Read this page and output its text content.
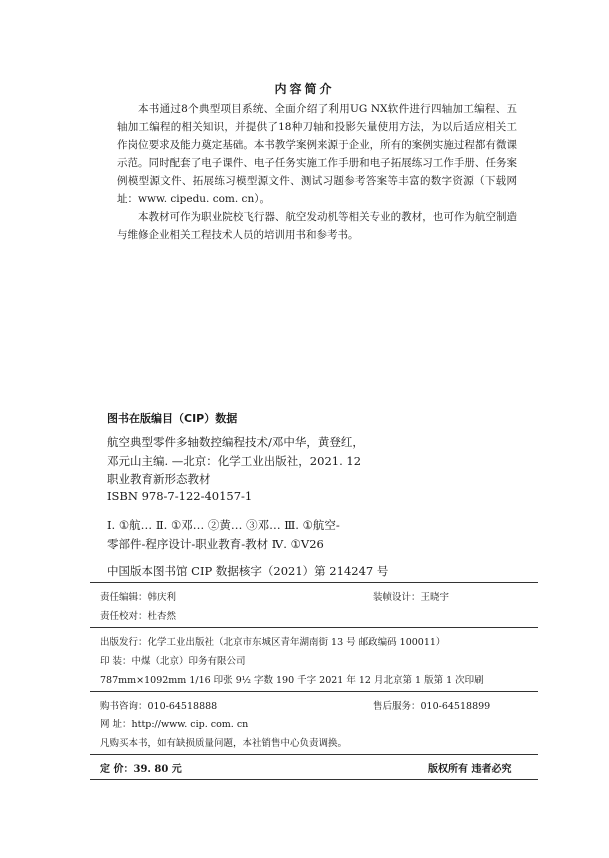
内容简介

本书通过8个典型项目系统、全面介绍了利用UG NX软件进行四轴加工编程、五轴加工编程的相关知识，并提供了18种刀轴和投影矢量使用方法，为以后适应相关工作岗位要求及能力奠定基础。本书教学案例来源于企业，所有的案例实施过程都有微课示范。同时配套了电子课件、电子任务实施工作手册和电子拓展练习工作手册、任务案例模型源文件、拓展练习模型源文件、测试习题参考答案等丰富的数字资源（下载网址：www. cipedu. com. cn）。

本教材可作为职业院校飞行器、航空发动机等相关专业的教材，也可作为航空制造与维修企业相关工程技术人员的培训用书和参考书。

图书在版编目（CIP）数据
航空典型零件多轴数控编程技术/邓中华，黄登红，
邓元山主编. —北京：化学工业出版社，2021. 12
职业教育新形态教材
ISBN 978-7-122-40157-1
Ⅰ. ①航… Ⅱ. ①邓… ②黄… ③邓… Ⅲ. ①航空-
零部件-程序设计-职业教育-教材 Ⅳ. ①V26
中国版本图书馆 CIP 数据核字（2021）第 214247 号
责任编辑：韩庆利	装帧设计：王晓宇
责任校对：杜杏然
出版发行：化学工业出版社（北京市东城区青年湖南街 13 号 邮政编码 100011）
印 装：中煤（北京）印务有限公司
787mm×1092mm 1/16 印张 9½ 字数 190 千字 2021 年 12 月北京第 1 版第 1 次印刷
购书咨询：010-64518888	售后服务：010-64518899
网 址：http://www. cip. com. cn
凡购买本书，如有缺损质量问题，本社销售中心负责调换。
定 价：39. 80 元	版权所有 违者必究
